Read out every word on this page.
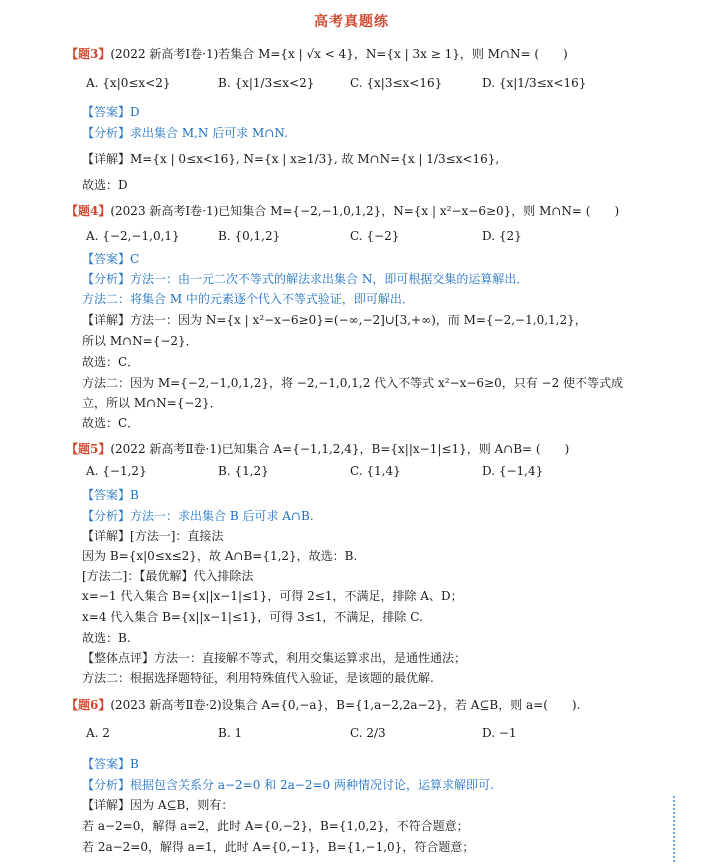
高考真题练
【题3】(2022 新高考Ⅰ卷·1)若集合 M={x | √x < 4}，N={x | 3x ≥ 1}，则 M∩N= (　　)
A. {x|0≤x<2}	B. {x|1/3≤x<2}	C. {x|3≤x<16}	D. {x|1/3≤x<16}
【答案】D
【分析】求出集合 M,N 后可求 M∩N.
【详解】M={x | 0≤x<16}, N={x | x≥1/3}, 故 M∩N={x | 1/3≤x<16},
故选：D
【题4】(2023 新高考Ⅰ卷·1)已知集合 M={−2,−1,0,1,2}，N={x | x²−x−6≥0}，则 M∩N= (　　)
A. {−2,−1,0,1}	B. {0,1,2}	C. {−2}	D. {2}
【答案】C
【分析】方法一：由一元二次不等式的解法求出集合 N，即可根据交集的运算解出．
方法二：将集合 M 中的元素逐个代入不等式验证，即可解出．
【详解】方法一：因为 N={x | x²−x−6≥0}=(−∞,−2]∪[3,+∞)，而 M={−2,−1,0,1,2}，
所以 M∩N={−2}．
故选：C．
方法二：因为 M={−2,−1,0,1,2}，将 −2,−1,0,1,2 代入不等式 x²−x−6≥0，只有 −2 使不等式成
立，所以 M∩N={−2}．
故选：C．
【题5】(2022 新高考Ⅱ卷·1)已知集合 A={−1,1,2,4}，B={x||x−1|≤1}，则 A∩B= (　　)
A. {−1,2}	B. {1,2}	C. {1,4}	D. {−1,4}
【答案】B
【分析】方法一：求出集合 B 后可求 A∩B.
【详解】[方法一]：直接法
因为 B={x|0≤x≤2}，故 A∩B={1,2}，故选：B.
[方法二]：【最优解】代入排除法
x=−1 代入集合 B={x||x−1|≤1}，可得 2≤1，不满足，排除 A、D；
x=4 代入集合 B={x||x−1|≤1}，可得 3≤1，不满足，排除 C.
故选：B.
【整体点评】方法一：直接解不等式，利用交集运算求出，是通性通法；
方法二：根据选择题特征，利用特殊值代入验证，是该题的最优解.
【题6】(2023 新高考Ⅱ卷·2)设集合 A={0,−a}，B={1,a−2,2a−2}，若 A⊆B，则 a=(　　).
A. 2	B. 1	C. 2/3	D. −1
【答案】B
【分析】根据包含关系分 a−2=0 和 2a−2=0 两种情况讨论，运算求解即可.
【详解】因为 A⊆B，则有：
若 a−2=0，解得 a=2，此时 A={0,−2}，B={1,0,2}，不符合题意；
若 2a−2=0，解得 a=1，此时 A={0,−1}，B={1,−1,0}，符合题意；
